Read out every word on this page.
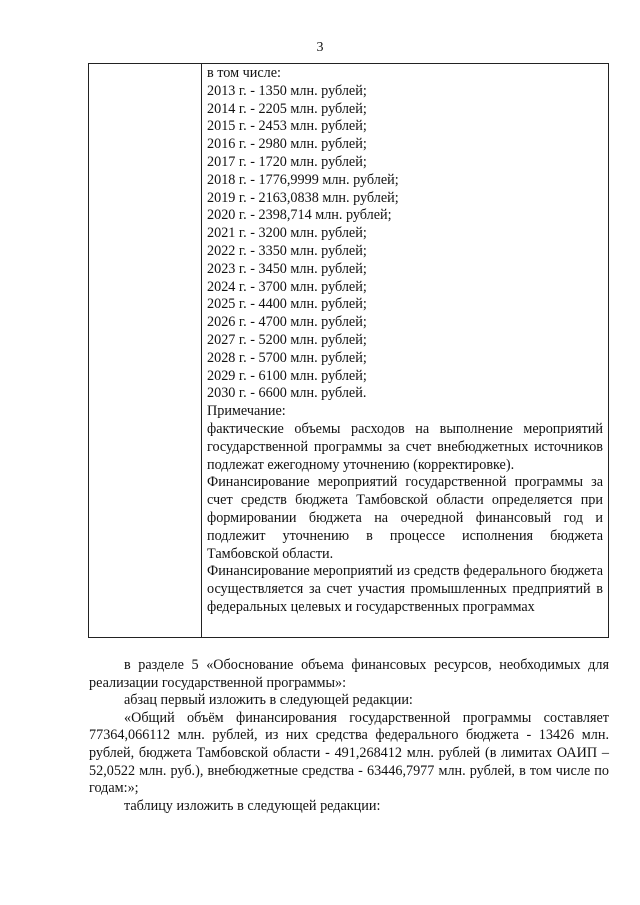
3
в том числе:
2013 г. - 1350 млн. рублей;
2014 г. - 2205 млн. рублей;
2015 г. - 2453 млн. рублей;
2016 г. - 2980 млн. рублей;
2017 г. - 1720 млн. рублей;
2018 г. - 1776,9999 млн. рублей;
2019 г. - 2163,0838 млн. рублей;
2020 г. - 2398,714 млн. рублей;
2021 г. - 3200 млн. рублей;
2022 г. - 3350 млн. рублей;
2023 г. - 3450 млн. рублей;
2024 г. - 3700 млн. рублей;
2025 г. - 4400 млн. рублей;
2026 г. - 4700 млн. рублей;
2027 г. - 5200 млн. рублей;
2028 г. - 5700 млн. рублей;
2029 г. - 6100 млн. рублей;
2030 г. - 6600 млн. рублей.
Примечание:
фактические объемы расходов на выполнение мероприятий государственной программы за счет внебюджетных источников подлежат ежегодному уточнению (корректировке).
Финансирование мероприятий государственной программы за счет средств бюджета Тамбовской области определяется при формировании бюджета на очередной финансовый год и подлежит уточнению в процессе исполнения бюджета Тамбовской области.
Финансирование мероприятий из средств федерального бюджета осуществляется за счет участия промышленных предприятий в федеральных целевых и государственных программах
в разделе 5 «Обоснование объема финансовых ресурсов, необходимых для реализации государственной программы»:
абзац первый изложить в следующей редакции:
«Общий объём финансирования государственной программы составляет 77364,066112 млн. рублей, из них средства федерального бюджета - 13426 млн. рублей, бюджета Тамбовской области - 491,268412 млн. рублей (в лимитах ОАИП – 52,0522 млн. руб.), внебюджетные средства - 63446,7977 млн. рублей, в том числе по годам:»;
таблицу изложить в следующей редакции:
